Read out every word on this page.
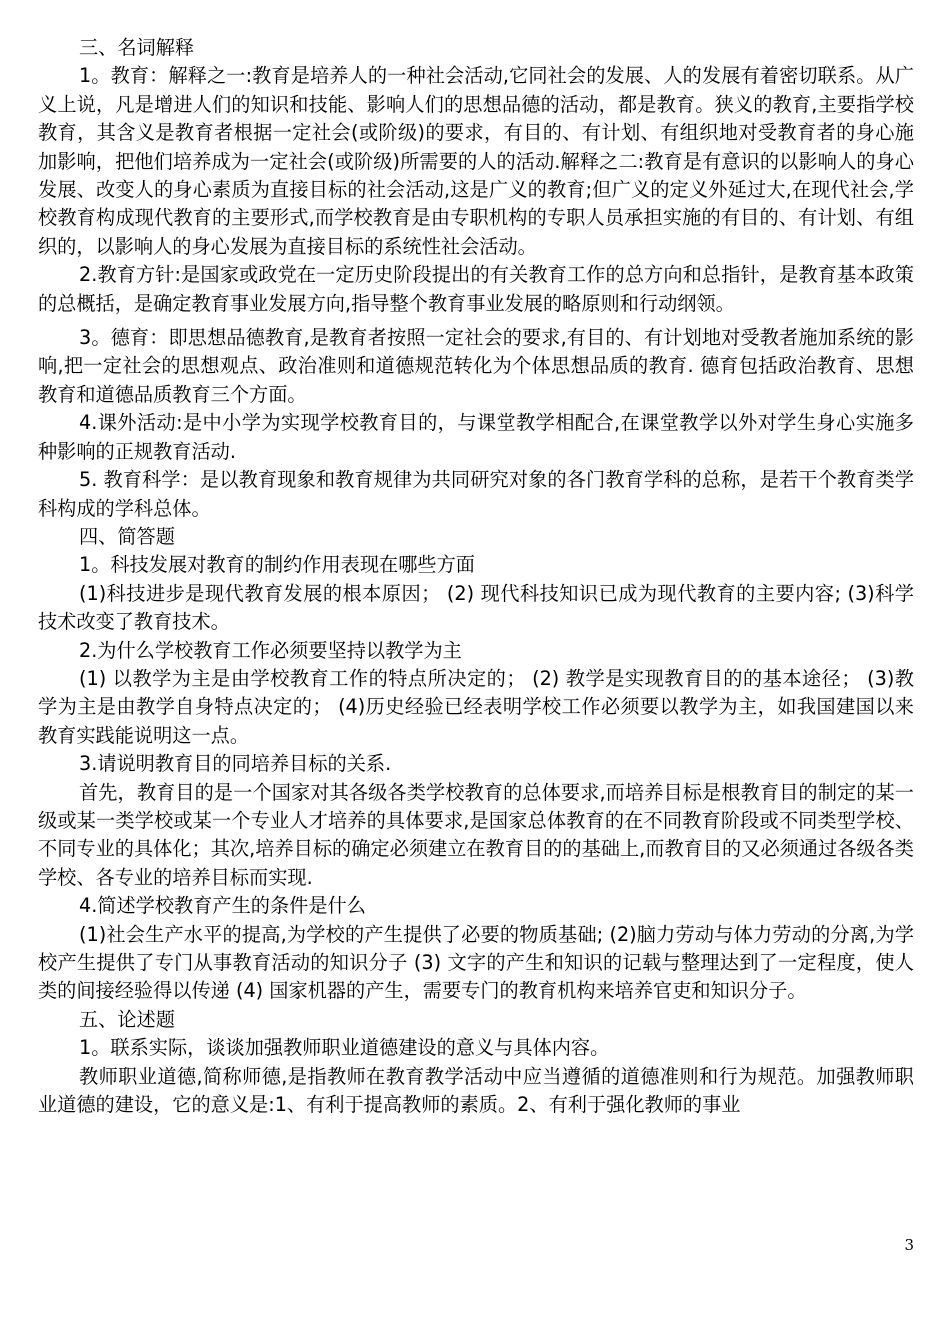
三、名词解释

1。教育：解释之一:教育是培养人的一种社会活动,它同社会的发展、人的发展有着密切联系。从广义上说，凡是增进人们的知识和技能、影响人们的思想品德的活动，都是教育。狭义的教育,主要指学校教育，其含义是教育者根据一定社会(或阶级)的要求，有目的、有计划、有组织地对受教育者的身心施加影响，把他们培养成为一定社会(或阶级)所需要的人的活动.解释之二:教育是有意识的以影响人的身心发展、改变人的身心素质为直接目标的社会活动,这是广义的教育;但广义的定义外延过大,在现代社会,学校教育构成现代教育的主要形式,而学校教育是由专职机构的专职人员承担实施的有目的、有计划、有组织的，以影响人的身心发展为直接目标的系统性社会活动。

2.教育方针:是国家或政党在一定历史阶段提出的有关教育工作的总方向和总指针，是教育基本政策的总概括，是确定教育事业发展方向,指导整个教育事业发展的略原则和行动纲领。

3。德育：即思想品德教育,是教育者按照一定社会的要求,有目的、有计划地对受教者施加系统的影响,把一定社会的思想观点、政治准则和道德规范转化为个体思想品质的教育. 德育包括政治教育、思想教育和道德品质教育三个方面。

4.课外活动:是中小学为实现学校教育目的，与课堂教学相配合,在课堂教学以外对学生身心实施多种影响的正规教育活动.

5. 教育科学：是以教育现象和教育规律为共同研究对象的各门教育学科的总称，是若干个教育类学科构成的学科总体。

四、简答题

1。科技发展对教育的制约作用表现在哪些方面

(1)科技进步是现代教育发展的根本原因； (2) 现代科技知识已成为现代教育的主要内容; (3)科学技术改变了教育技术。

2.为什么学校教育工作必须要坚持以教学为主

(1) 以教学为主是由学校教育工作的特点所决定的； (2) 教学是实现教育目的的基本途径； (3)教学为主是由教学自身特点决定的； (4)历史经验已经表明学校工作必须要以教学为主，如我国建国以来教育实践能说明这一点。

3.请说明教育目的同培养目标的关系.

首先，教育目的是一个国家对其各级各类学校教育的总体要求,而培养目标是根教育目的制定的某一级或某一类学校或某一个专业人才培养的具体要求,是国家总体教育的在不同教育阶段或不同类型学校、不同专业的具体化；其次,培养目标的确定必须建立在教育目的的基础上,而教育目的又必须通过各级各类学校、各专业的培养目标而实现.

4.简述学校教育产生的条件是什么

(1)社会生产水平的提高,为学校的产生提供了必要的物质基础; (2)脑力劳动与体力劳动的分离,为学校产生提供了专门从事教育活动的知识分子 (3) 文字的产生和知识的记载与整理达到了一定程度，使人类的间接经验得以传递 (4) 国家机器的产生，需要专门的教育机构来培养官吏和知识分子。

五、论述题

1。联系实际，谈谈加强教师职业道德建设的意义与具体内容。

教师职业道德,简称师德,是指教师在教育教学活动中应当遵循的道德准则和行为规范。加强教师职业道德的建设，它的意义是:1、有利于提高教师的素质。2、有利于强化教师的事业

3
